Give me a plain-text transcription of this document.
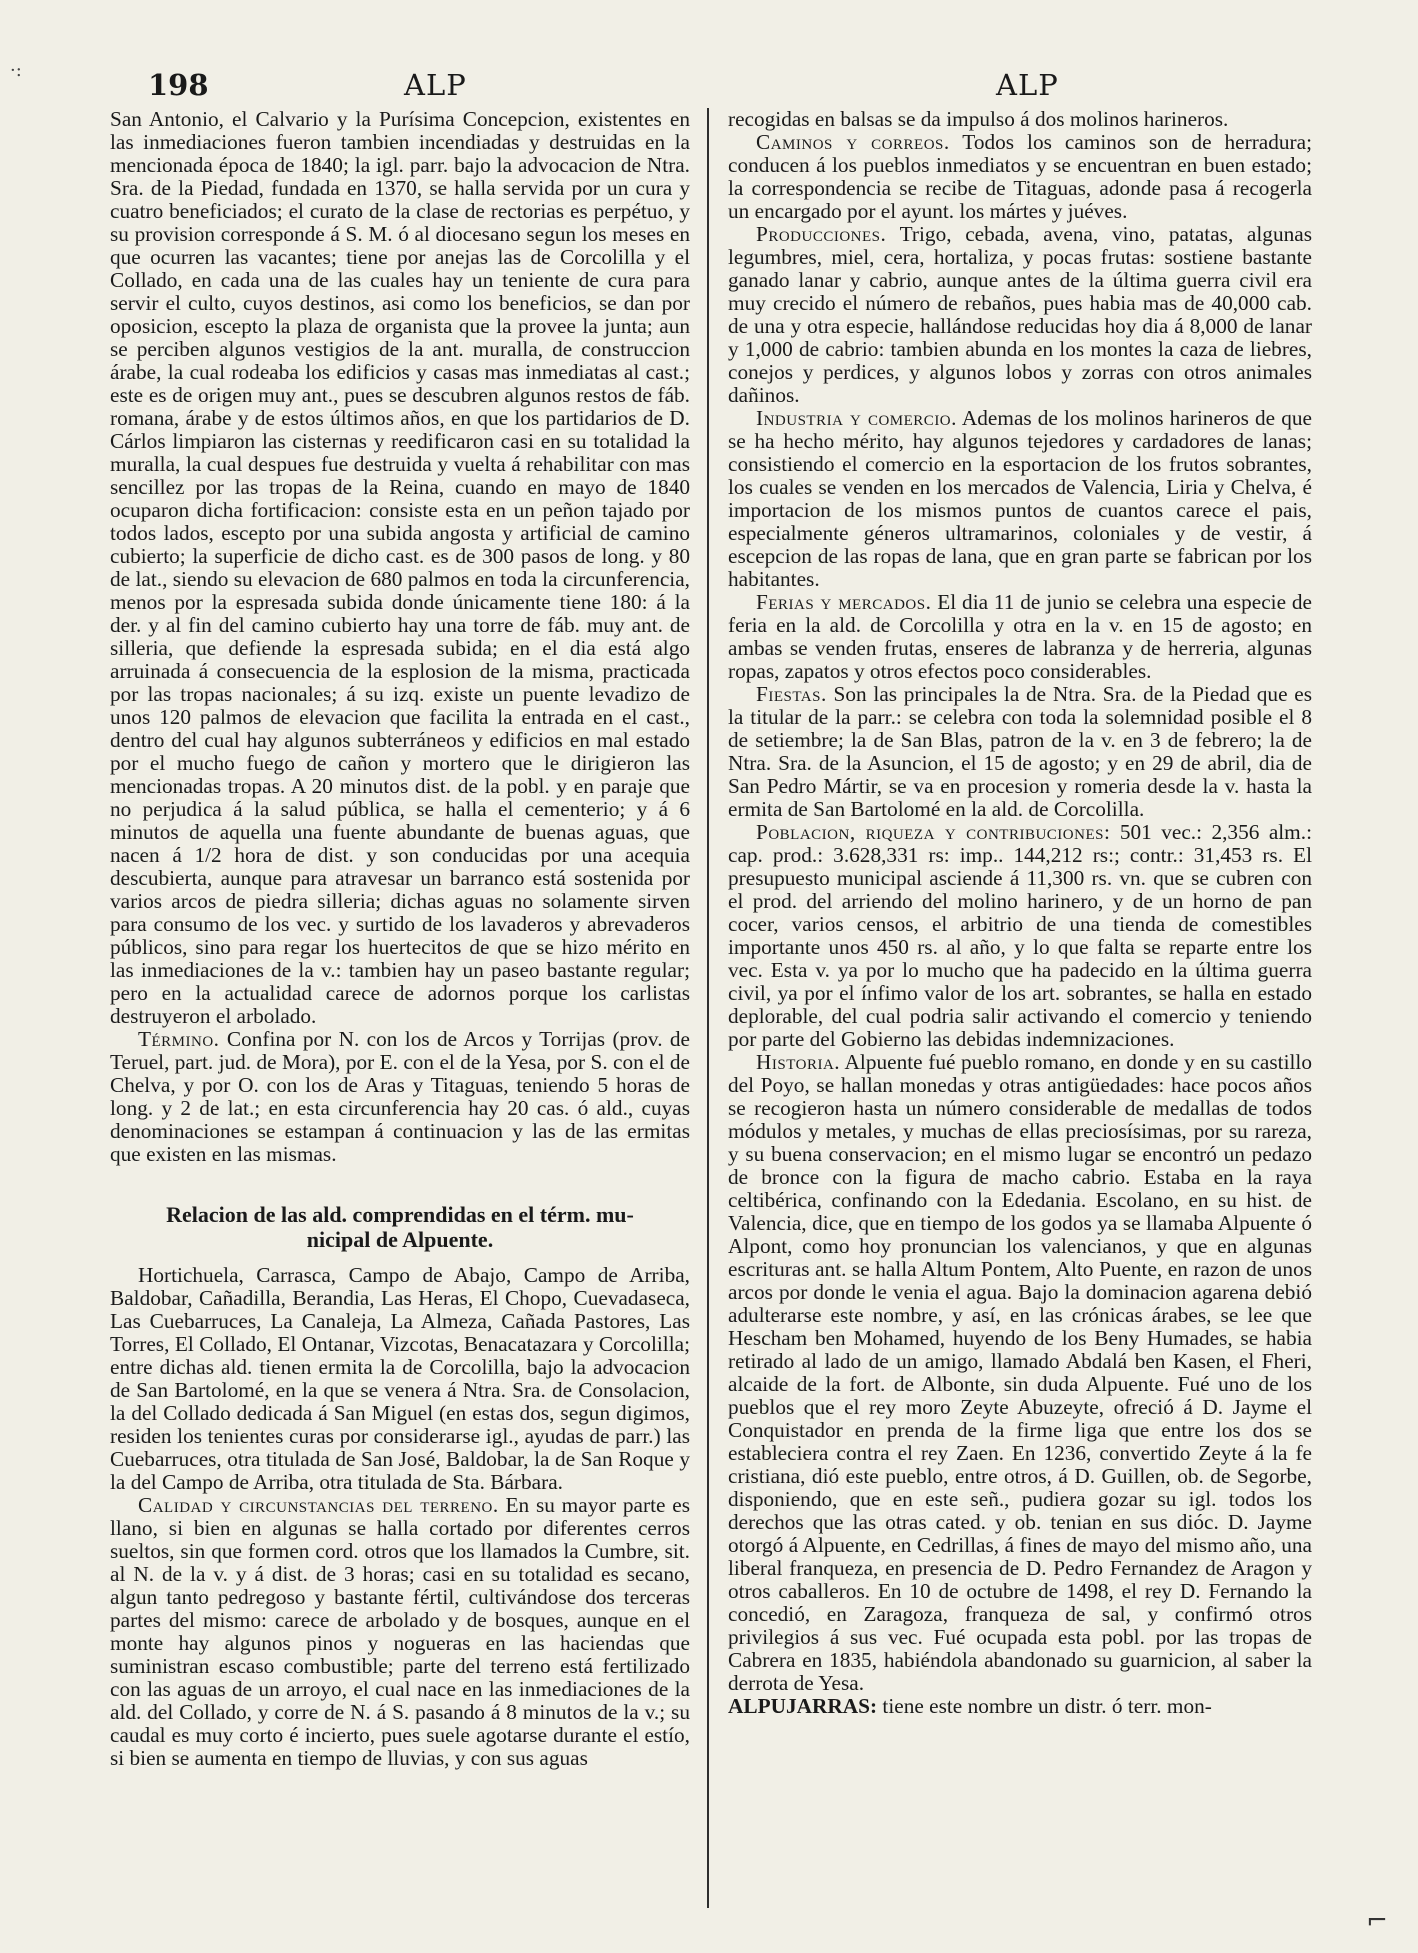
·:	198	ALP	ALP

San Antonio, el Calvario y la Purísima Concepcion, existentes en las inmediaciones fueron tambien incendiadas y destruidas en la mencionada época de 1840; la igl. parr. bajo la advocacion de Ntra. Sra. de la Piedad, fundada en 1370, se halla servida por un cura y cuatro beneficiados; el curato de la clase de rectorias es perpétuo, y su provision corresponde á S. M. ó al diocesano segun los meses en que ocurren las vacantes; tiene por anejas las de Corcolilla y el Collado, en cada una de las cuales hay un teniente de cura para servir el culto, cuyos destinos, asi como los beneficios, se dan por oposicion, escepto la plaza de organista que la provee la junta; aun se perciben algunos vestigios de la ant. muralla, de construccion árabe, la cual rodeaba los edificios y casas mas inmediatas al cast.; este es de origen muy ant., pues se descubren algunos restos de fáb. romana, árabe y de estos últimos años, en que los partidarios de D. Cárlos limpiaron las cisternas y reedificaron casi en su totalidad la muralla, la cual despues fue destruida y vuelta á rehabilitar con mas sencillez por las tropas de la Reina, cuando en mayo de 1840 ocuparon dicha fortificacion: consiste esta en un peñon tajado por todos lados, escepto por una subida angosta y artificial de camino cubierto; la superficie de dicho cast. es de 300 pasos de long. y 80 de lat., siendo su elevacion de 680 palmos en toda la circunferencia, menos por la espresada subida donde únicamente tiene 180: á la der. y al fin del camino cubierto hay una torre de fáb. muy ant. de silleria, que defiende la espresada subida; en el dia está algo arruinada á consecuencia de la esplosion de la misma, practicada por las tropas nacionales; á su izq. existe un puente levadizo de unos 120 palmos de elevacion que facilita la entrada en el cast., dentro del cual hay algunos subterráneos y edificios en mal estado por el mucho fuego de cañon y mortero que le dirigieron las mencionadas tropas. A 20 minutos dist. de la pobl. y en paraje que no perjudica á la salud pública, se halla el cementerio; y á 6 minutos de aquella una fuente abundante de buenas aguas, que nacen á 1/2 hora de dist. y son conducidas por una acequia descubierta, aunque para atravesar un barranco está sostenida por varios arcos de piedra silleria; dichas aguas no solamente sirven para consumo de los vec. y surtido de los lavaderos y abrevaderos públicos, sino para regar los huertecitos de que se hizo mérito en las inmediaciones de la v.: tambien hay un paseo bastante regular; pero en la actualidad carece de adornos porque los carlistas destruyeron el arbolado.

Término. Confina por N. con los de Arcos y Torrijas (prov. de Teruel, part. jud. de Mora), por E. con el de la Yesa, por S. con el de Chelva, y por O. con los de Aras y Titaguas, teniendo 5 horas de long. y 2 de lat.; en esta circunferencia hay 20 cas. ó ald., cuyas denominaciones se estampan á continuacion y las de las ermitas que existen en las mismas.

Relacion de las ald. comprendidas en el térm. mu- nicipal de Alpuente.

Hortichuela, Carrasca, Campo de Abajo, Campo de Arriba, Baldobar, Cañadilla, Berandia, Las Heras, El Chopo, Cuevadaseca, Las Cuebarruces, La Canaleja, La Almeza, Cañada Pastores, Las Torres, El Collado, El Ontanar, Vizcotas, Benacatazara y Corcolilla; entre dichas ald. tienen ermita la de Corcolilla, bajo la advocacion de San Bartolomé, en la que se venera á Ntra. Sra. de Consolacion, la del Collado dedicada á San Miguel (en estas dos, segun digimos, residen los tenientes curas por considerarse igl., ayudas de parr.) las Cuebarruces, otra titulada de San José, Baldobar, la de San Roque y la del Campo de Arriba, otra titulada de Sta. Bárbara.

Calidad y circunstancias del terreno. En su mayor parte es llano, si bien en algunas se halla cortado por diferentes cerros sueltos, sin que formen cord. otros que los llamados la Cumbre, sit. al N. de la v. y á dist. de 3 horas; casi en su totalidad es secano, algun tanto pedregoso y bastante fértil, cultivándose dos terceras partes del mismo: carece de arbolado y de bosques, aunque en el monte hay algunos pinos y nogueras en las haciendas que suministran escaso combustible; parte del terreno está fertilizado con las aguas de un arroyo, el cual nace en las inmediaciones de la ald. del Collado, y corre de N. á S. pasando á 8 minutos de la v.; su caudal es muy corto é incierto, pues suele agotarse durante el estío, si bien se aumenta en tiempo de lluvias, y con sus aguas

recogidas en balsas se da impulso á dos molinos harineros.

Caminos y correos. Todos los caminos son de herradura; conducen á los pueblos inmediatos y se encuentran en buen estado; la correspondencia se recibe de Titaguas, adonde pasa á recogerla un encargado por el ayunt. los mártes y juéves.

Producciones. Trigo, cebada, avena, vino, patatas, algunas legumbres, miel, cera, hortaliza, y pocas frutas: sostiene bastante ganado lanar y cabrio, aunque antes de la última guerra civil era muy crecido el número de rebaños, pues habia mas de 40,000 cab. de una y otra especie, hallándose reducidas hoy dia á 8,000 de lanar y 1,000 de cabrio: tambien abunda en los montes la caza de liebres, conejos y perdices, y algunos lobos y zorras con otros animales dañinos.

Industria y comercio. Ademas de los molinos harineros de que se ha hecho mérito, hay algunos tejedores y cardadores de lanas; consistiendo el comercio en la esportacion de los frutos sobrantes, los cuales se venden en los mercados de Valencia, Liria y Chelva, é importacion de los mismos puntos de cuantos carece el pais, especialmente géneros ultramarinos, coloniales y de vestir, á escepcion de las ropas de lana, que en gran parte se fabrican por los habitantes.

Ferias y mercados. El dia 11 de junio se celebra una especie de feria en la ald. de Corcolilla y otra en la v. en 15 de agosto; en ambas se venden frutas, enseres de labranza y de herreria, algunas ropas, zapatos y otros efectos poco considerables.

Fiestas. Son las principales la de Ntra. Sra. de la Piedad que es la titular de la parr.: se celebra con toda la solemnidad posible el 8 de setiembre; la de San Blas, patron de la v. en 3 de febrero; la de Ntra. Sra. de la Asuncion, el 15 de agosto; y en 29 de abril, dia de San Pedro Mártir, se va en procesion y romeria desde la v. hasta la ermita de San Bartolomé en la ald. de Corcolilla.

Poblacion, riqueza y contribuciones: 501 vec.: 2,356 alm.: cap. prod.: 3.628,331 rs: imp.. 144,212 rs:; contr.: 31,453 rs. El presupuesto municipal asciende á 11,300 rs. vn. que se cubren con el prod. del arriendo del molino harinero, y de un horno de pan cocer, varios censos, el arbitrio de una tienda de comestibles importante unos 450 rs. al año, y lo que falta se reparte entre los vec. Esta v. ya por lo mucho que ha padecido en la última guerra civil, ya por el ínfimo valor de los art. sobrantes, se halla en estado deplorable, del cual podria salir activando el comercio y teniendo por parte del Gobierno las debidas indemnizaciones.

Historia. Alpuente fué pueblo romano, en donde y en su castillo del Poyo, se hallan monedas y otras antigüedades: hace pocos años se recogieron hasta un número considerable de medallas de todos módulos y metales, y muchas de ellas preciosísimas, por su rareza, y su buena conservacion; en el mismo lugar se encontró un pedazo de bronce con la figura de macho cabrio. Estaba en la raya celtibérica, confinando con la Ededania. Escolano, en su hist. de Valencia, dice, que en tiempo de los godos ya se llamaba Alpuente ó Alpont, como hoy pronuncian los valencianos, y que en algunas escrituras ant. se halla Altum Pontem, Alto Puente, en razon de unos arcos por donde le venia el agua. Bajo la dominacion agarena debió adulterarse este nombre, y así, en las crónicas árabes, se lee que Hescham ben Mohamed, huyendo de los Beny Humades, se habia retirado al lado de un amigo, llamado Abdalá ben Kasen, el Fheri, alcaide de la fort. de Albonte, sin duda Alpuente. Fué uno de los pueblos que el rey moro Zeyte Abuzeyte, ofreció á D. Jayme el Conquistador en prenda de la firme liga que entre los dos se estableciera contra el rey Zaen. En 1236, convertido Zeyte á la fe cristiana, dió este pueblo, entre otros, á D. Guillen, ob. de Segorbe, disponiendo, que en este señ., pudiera gozar su igl. todos los derechos que las otras cated. y ob. tenian en sus dióc. D. Jayme otorgó á Alpuente, en Cedrillas, á fines de mayo del mismo año, una liberal franqueza, en presencia de D. Pedro Fernandez de Aragon y otros caballeros. En 10 de octubre de 1498, el rey D. Fernando la concedió, en Zaragoza, franqueza de sal, y confirmó otros privilegios á sus vec. Fué ocupada esta pobl. por las tropas de Cabrera en 1835, habiéndola abandonado su guarnicion, al saber la derrota de Yesa.

ALPUJARRAS: tiene este nombre un distr. ó terr. mon-

⌐
